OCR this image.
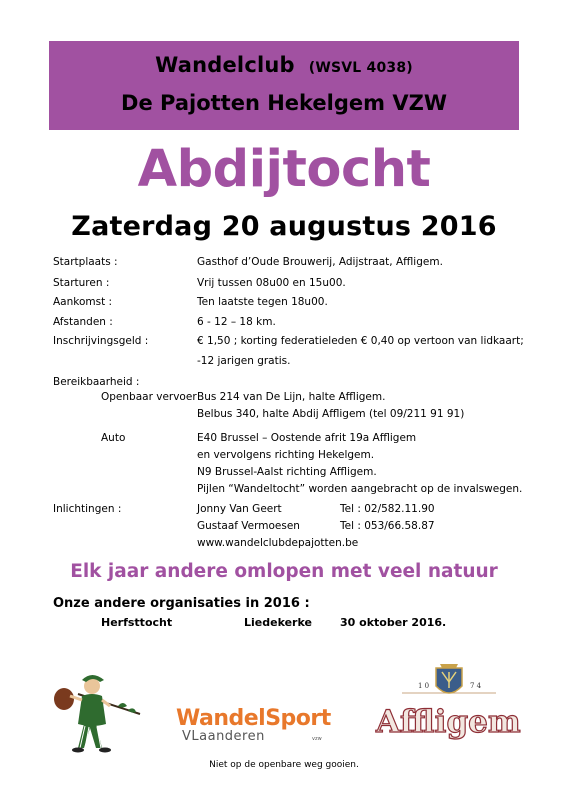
Wandelclub (WSVL 4038)
De Pajotten Hekelgem VZW
Abdijtocht
Zaterdag 20 augustus 2016
Startplaats :	Gasthof d’Oude Brouwerij, Adijstraat, Affligem.
Starturen :	Vrij tussen 08u00 en 15u00.
Aankomst :	Ten laatste tegen 18u00.
Afstanden :	6 - 12 – 18 km.
Inschrijvingsgeld :	€ 1,50 ; korting federatieleden € 0,40 op vertoon van lidkaart;
-12 jarigen gratis.
Bereikbaarheid :
Openbaar vervoer Bus 214 van De Lijn, halte Affligem.
Belbus 340, halte Abdij Affligem (tel 09/211 91 91)
Auto	E40 Brussel – Oostende afrit 19a Affligem
en vervolgens richting Hekelgem.
N9 Brussel-Aalst richting Affligem.
Pijlen “Wandeltocht” worden aangebracht op de invalswegen.
Inlichtingen :	Jonny Van Geert	Tel : 02/582.11.90
Gustaaf Vermoesen	Tel : 053/66.58.87
www.wandelclubdepajotten.be
Elk jaar andere omlopen met veel natuur
Onze andere organisaties in 2016 :
Herfsttocht	Liedekerke	30 oktober 2016.
WandelSport
VLaanderen	vzw
1 0	7 4
Affligem
Niet op de openbare weg gooien.
